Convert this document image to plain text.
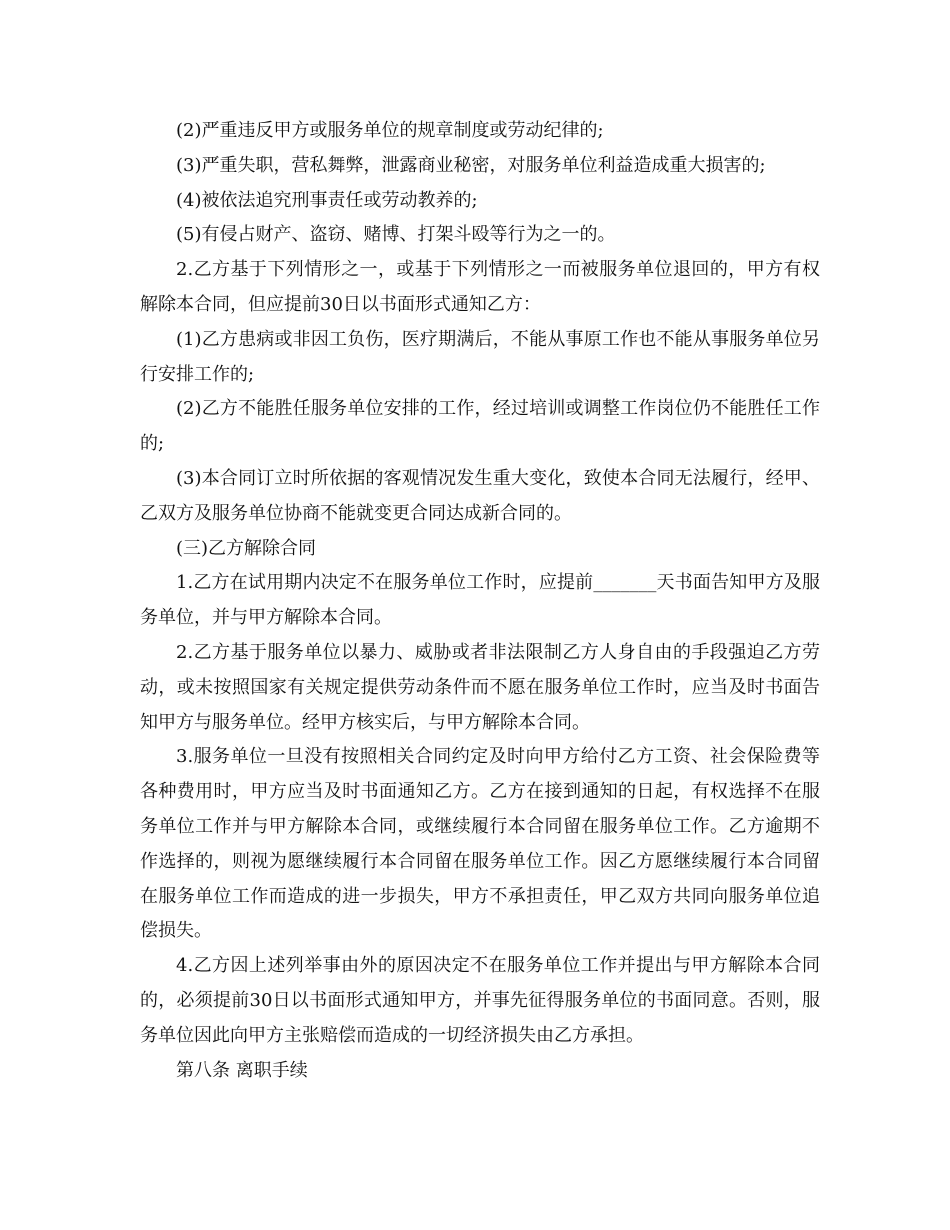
(2)严重违反甲方或服务单位的规章制度或劳动纪律的;

(3)严重失职，营私舞弊，泄露商业秘密，对服务单位利益造成重大损害的;

(4)被依法追究刑事责任或劳动教养的;

(5)有侵占财产、盗窃、赌博、打架斗殴等行为之一的。

2.乙方基于下列情形之一，或基于下列情形之一而被服务单位退回的，甲方有权解除本合同，但应提前30日以书面形式通知乙方：

(1)乙方患病或非因工负伤，医疗期满后，不能从事原工作也不能从事服务单位另行安排工作的;

(2)乙方不能胜任服务单位安排的工作，经过培训或调整工作岗位仍不能胜任工作的;

(3)本合同订立时所依据的客观情况发生重大变化，致使本合同无法履行，经甲、乙双方及服务单位协商不能就变更合同达成新合同的。

(三)乙方解除合同

1.乙方在试用期内决定不在服务单位工作时，应提前_______天书面告知甲方及服务单位，并与甲方解除本合同。

2.乙方基于服务单位以暴力、威胁或者非法限制乙方人身自由的手段强迫乙方劳动，或未按照国家有关规定提供劳动条件而不愿在服务单位工作时，应当及时书面告知甲方与服务单位。经甲方核实后，与甲方解除本合同。

3.服务单位一旦没有按照相关合同约定及时向甲方给付乙方工资、社会保险费等各种费用时，甲方应当及时书面通知乙方。乙方在接到通知的日起，有权选择不在服务单位工作并与甲方解除本合同，或继续履行本合同留在服务单位工作。乙方逾期不作选择的，则视为愿继续履行本合同留在服务单位工作。因乙方愿继续履行本合同留在服务单位工作而造成的进一步损失，甲方不承担责任，甲乙双方共同向服务单位追偿损失。

4.乙方因上述列举事由外的原因决定不在服务单位工作并提出与甲方解除本合同的，必须提前30日以书面形式通知甲方，并事先征得服务单位的书面同意。否则，服务单位因此向甲方主张赔偿而造成的一切经济损失由乙方承担。

第八条 离职手续
